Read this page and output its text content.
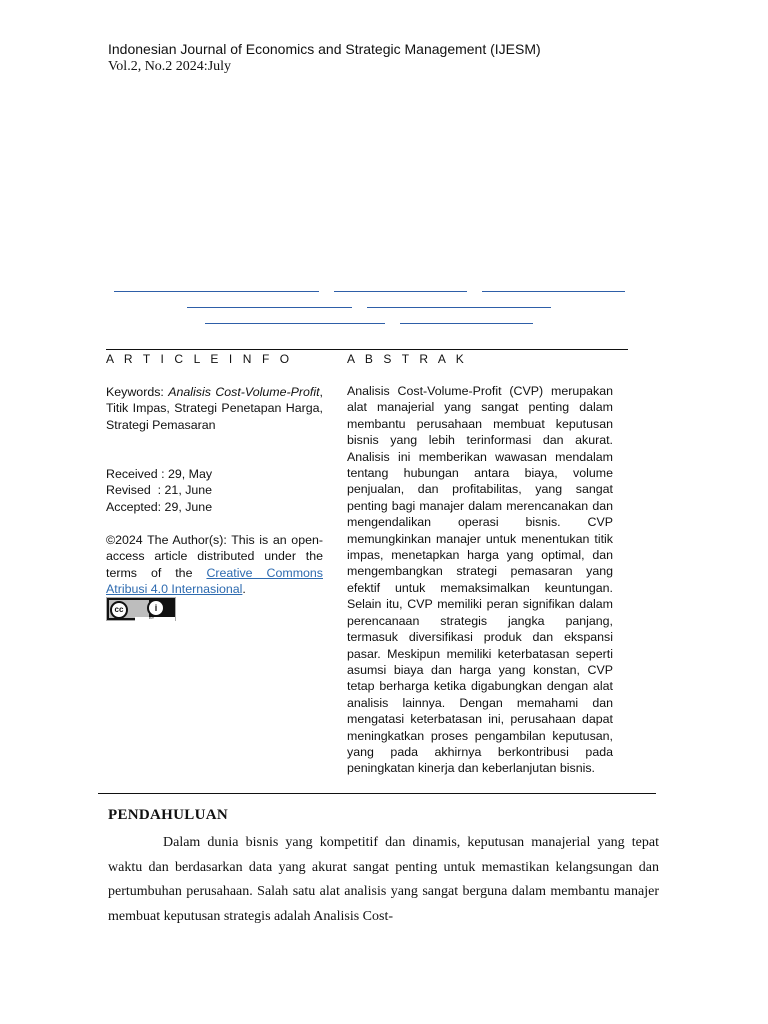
Indonesian Journal of Economics and Strategic Management (IJESM)
Vol.2, No.2 2024:July
A R T I C L E I N F O	A B S T R A K
Keywords: Analisis Cost-Volume-Profit, Titik Impas, Strategi Penetapan Harga, Strategi Pemasaran
Received : 29, May
Revised  : 21, June
Accepted: 29, June
©2024 The Author(s): This is an open-access article distributed under the terms of the Creative Commons Atribusi 4.0 Internasional.
cc	i
BY
Analisis Cost-Volume-Profit (CVP) merupakan alat manajerial yang sangat penting dalam membantu perusahaan membuat keputusan bisnis yang lebih terinformasi dan akurat. Analisis ini memberikan wawasan mendalam tentang hubungan antara biaya, volume penjualan, dan profitabilitas, yang sangat penting bagi manajer dalam merencanakan dan mengendalikan operasi bisnis. CVP memungkinkan manajer untuk menentukan titik impas, menetapkan harga yang optimal, dan mengembangkan strategi pemasaran yang efektif untuk memaksimalkan keuntungan. Selain itu, CVP memiliki peran signifikan dalam perencanaan strategis jangka panjang, termasuk diversifikasi produk dan ekspansi pasar. Meskipun memiliki keterbatasan seperti asumsi biaya dan harga yang konstan, CVP tetap berharga ketika digabungkan dengan alat analisis lainnya. Dengan memahami dan mengatasi keterbatasan ini, perusahaan dapat meningkatkan proses pengambilan keputusan, yang pada akhirnya berkontribusi pada peningkatan kinerja dan keberlanjutan bisnis.
PENDAHULUAN
Dalam dunia bisnis yang kompetitif dan dinamis, keputusan manajerial yang tepat waktu dan berdasarkan data yang akurat sangat penting untuk memastikan kelangsungan dan pertumbuhan perusahaan. Salah satu alat analisis yang sangat berguna dalam membantu manajer membuat keputusan strategis adalah Analisis Cost-
